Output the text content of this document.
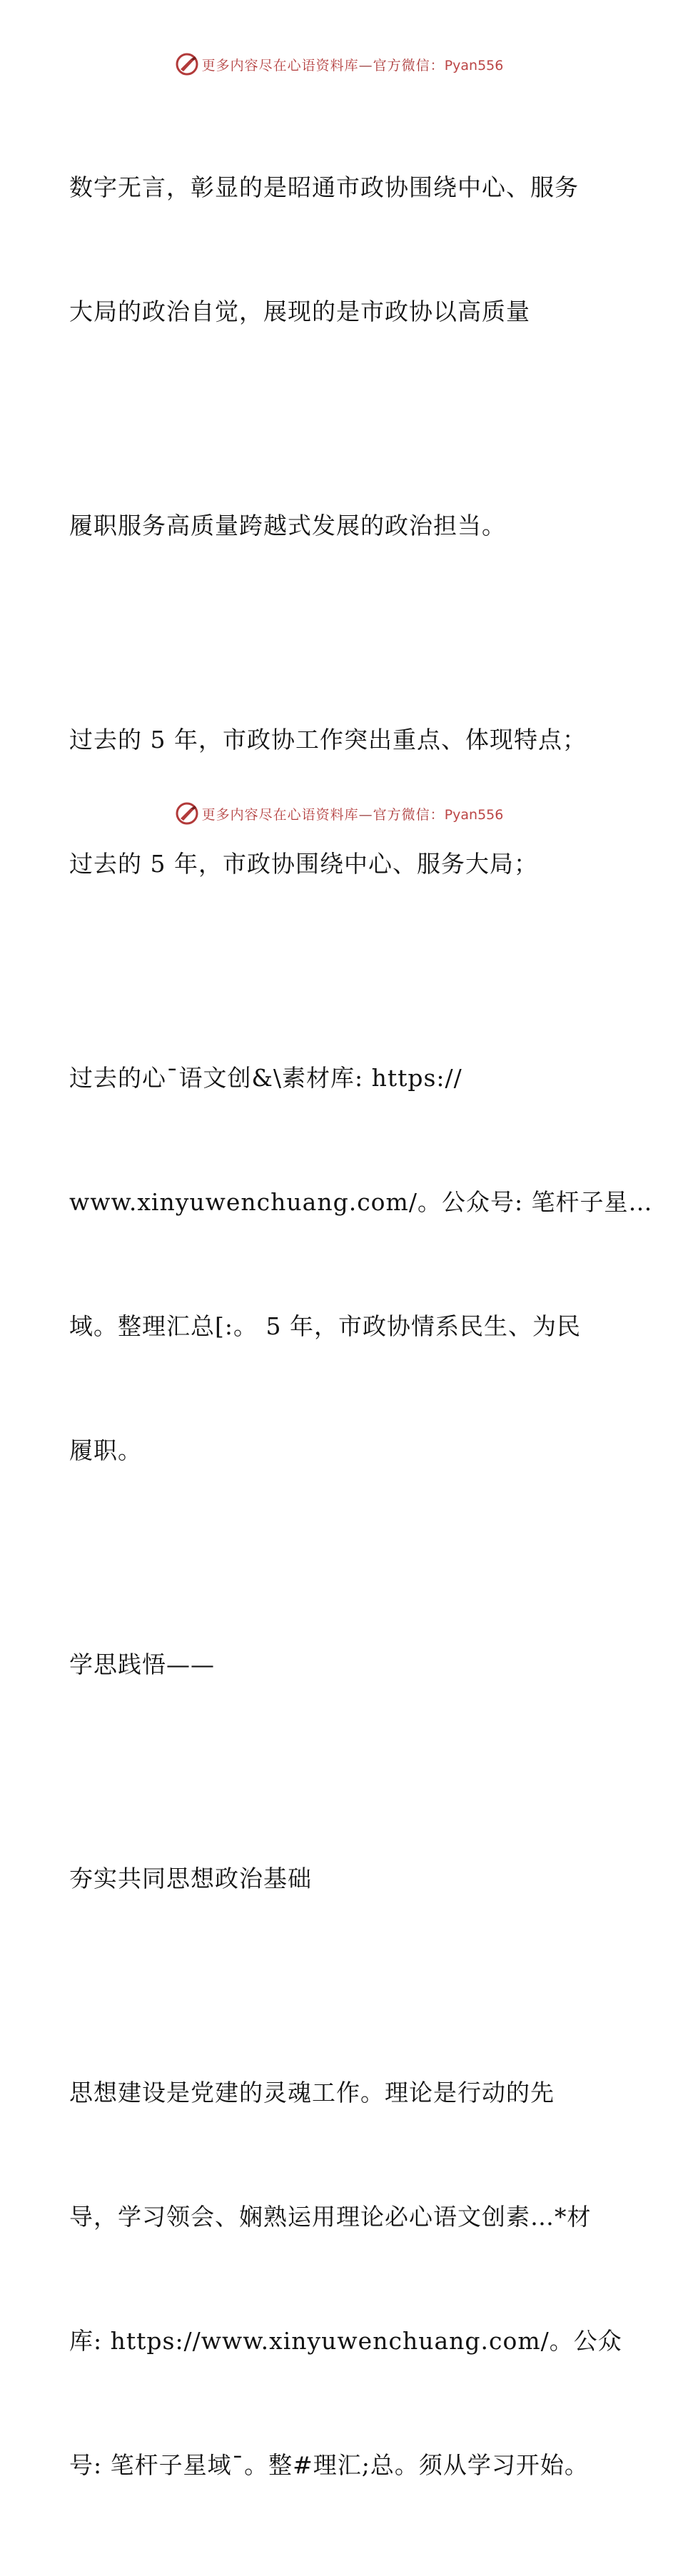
更多内容尽在心语资料库—官方微信：Pyan556

数字无言，彰显的是昭通市政协围绕中心、服务

大局的政治自觉，展现的是市政协以高质量

履职服务高质量跨越式发展的政治担当。

过去的 5 年，市政协工作突出重点、体现特点；

过去的 5 年，市政协围绕中心、服务大局；

过去的心¯语文创&\素材库: https://

www.xinyuwenchuang.com/。公众号: 笔杆子星…

域。整理汇总[:。 5 年，市政协情系民生、为民

履职。

学思践悟——

夯实共同思想政治基础

思想建设是党建的灵魂工作。理论是行动的先

导，学习领会、娴熟运用理论必心语文创素…*材

库: https://www.xinyuwenchuang.com/。公众

号: 笔杆子星域¯。整#理汇;总。须从学习开始。

更多内容尽在心语资料库—官方微信：Pyan556
